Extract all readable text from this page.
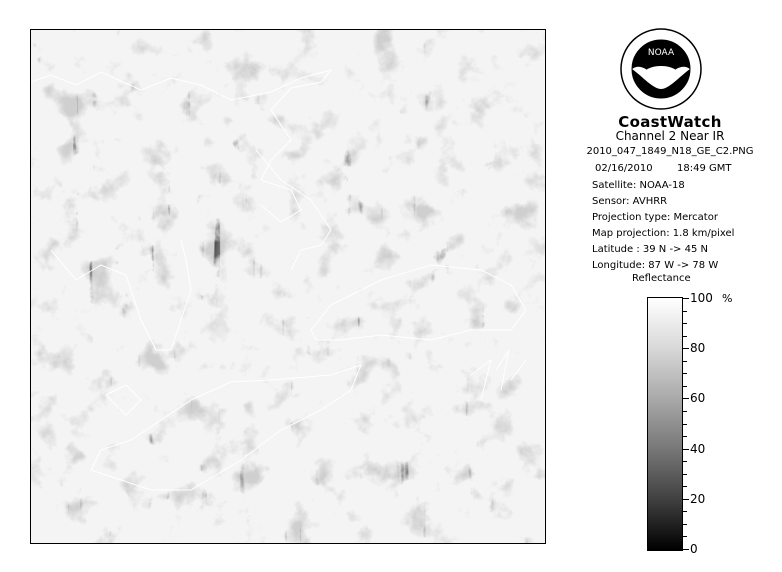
NOAA
CoastWatch
Channel 2 Near IR
2010_047_1849_N18_GE_C2.PNG
02/16/2010 18:49 GMT
Satellite: NOAA-18
Sensor: AVHRR
Projection type: Mercator
Map projection: 1.8 km/pixel
Latitude : 39 N -> 45 N
Longitude: 87 W -> 78 W
Reflectance
%
100
80
60
40
20
0
